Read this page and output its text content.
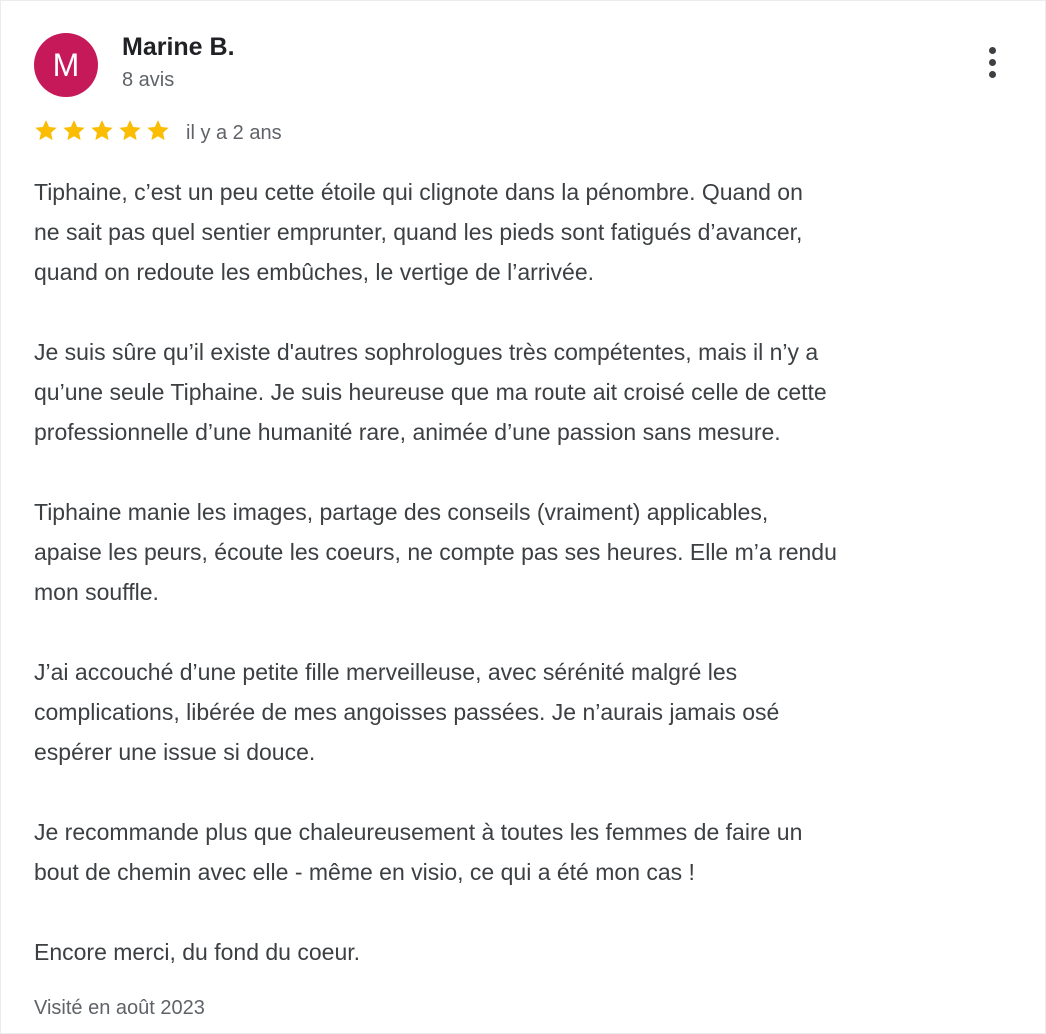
M Marine B.
8 avis
il y a 2 ans

Tiphaine, c’est un peu cette étoile qui clignote dans la pénombre. Quand on
ne sait pas quel sentier emprunter, quand les pieds sont fatigués d’avancer,
quand on redoute les embûches, le vertige de l’arrivée.

Je suis sûre qu’il existe d'autres sophrologues très compétentes, mais il n’y a
qu’une seule Tiphaine. Je suis heureuse que ma route ait croisé celle de cette
professionnelle d’une humanité rare, animée d’une passion sans mesure.

Tiphaine manie les images, partage des conseils (vraiment) applicables,
apaise les peurs, écoute les coeurs, ne compte pas ses heures. Elle m’a rendu
mon souffle.

J’ai accouché d’une petite fille merveilleuse, avec sérénité malgré les
complications, libérée de mes angoisses passées. Je n’aurais jamais osé
espérer une issue si douce.

Je recommande plus que chaleureusement à toutes les femmes de faire un
bout de chemin avec elle - même en visio, ce qui a été mon cas !

Encore merci, du fond du coeur.

Visité en août 2023
